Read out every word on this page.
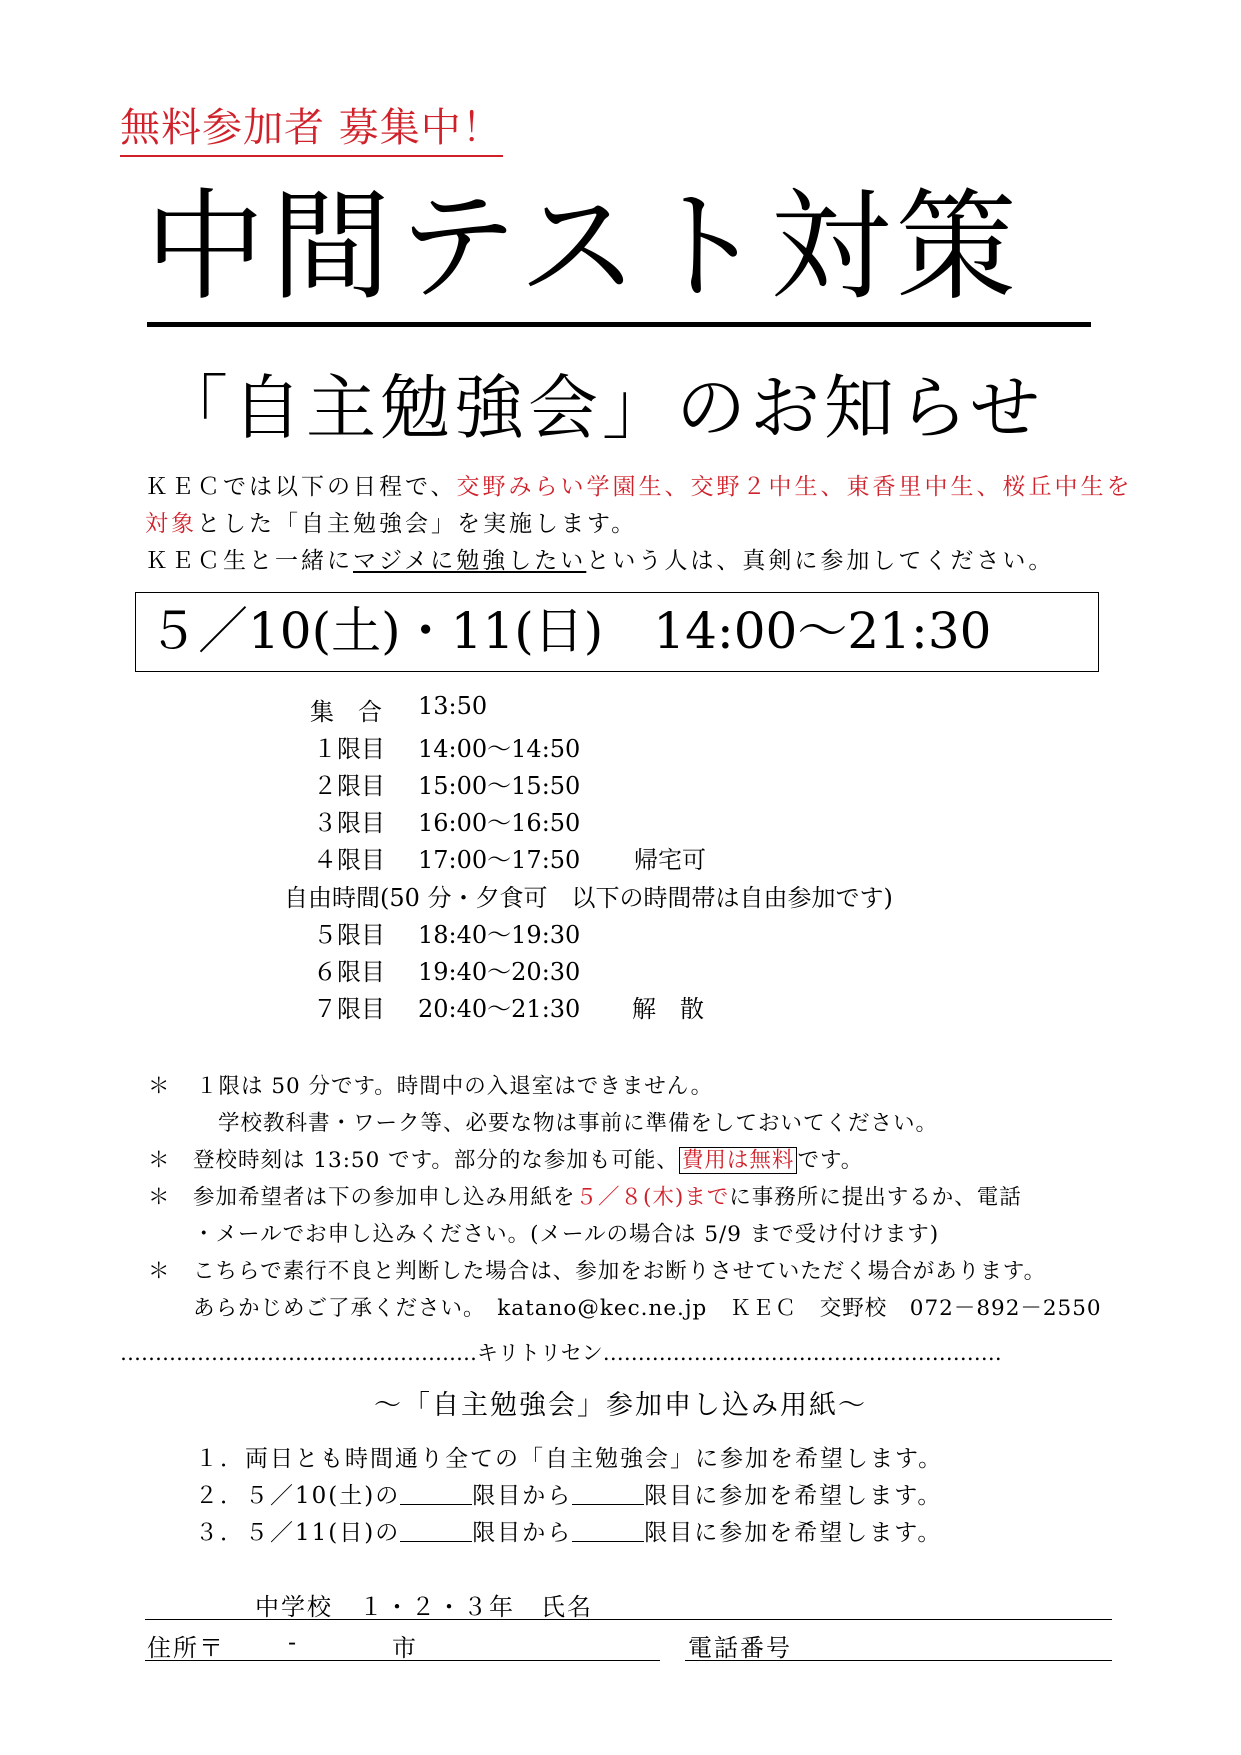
無料参加者 募集中！
中間テスト対策
「自主勉強会」のお知らせ
ＫＥＣでは以下の日程で、交野みらい学園生、交野２中生、東香里中生、桜丘中生を
対象とした「自主勉強会」を実施します。
ＫＥＣ生と一緒にマジメに勉強したいという人は、真剣に参加してください。
５／10(土)・11(日)　14:00～21:30
集　合 13:50
１限目 14:00～14:50
２限目 15:00～15:50
３限目 16:00～16:50
４限目 17:00～17:50 帰宅可
自由時間(50 分・夕食可　以下の時間帯は自由参加です)
５限目 18:40～19:30
６限目 19:40～20:30
７限目 20:40～21:30 解　散
＊ １限は 50 分です。時間中の入退室はできません。
学校教科書・ワーク等、必要な物は事前に準備をしておいてください。
＊ 登校時刻は 13:50 です。部分的な参加も可能、 費用は無料 です。
＊ 参加希望者は下の参加申し込み用紙を５／８(木)までに事務所に提出するか、電話
・メールでお申し込みください。(メールの場合は 5/9 まで受け付けます)
＊ こちらで素行不良と判断した場合は、参加をお断りさせていただく場合があります。
あらかじめご了承ください。　katano@kec.ne.jp　ＫＥＣ　交野校　072－892－2550
……………………………………………キリトリセン…………………………………………………
～「自主勉強会」参加申し込み用紙～
１．両日とも時間通り全ての「自主勉強会」に参加を希望します。
２．５／10(土)の	限目から	限目に参加を希望します。
３．５／11(日)の	限目から	限目に参加を希望します。
中学校　１・２・３年　氏名
住所〒	-	市	電話番号
